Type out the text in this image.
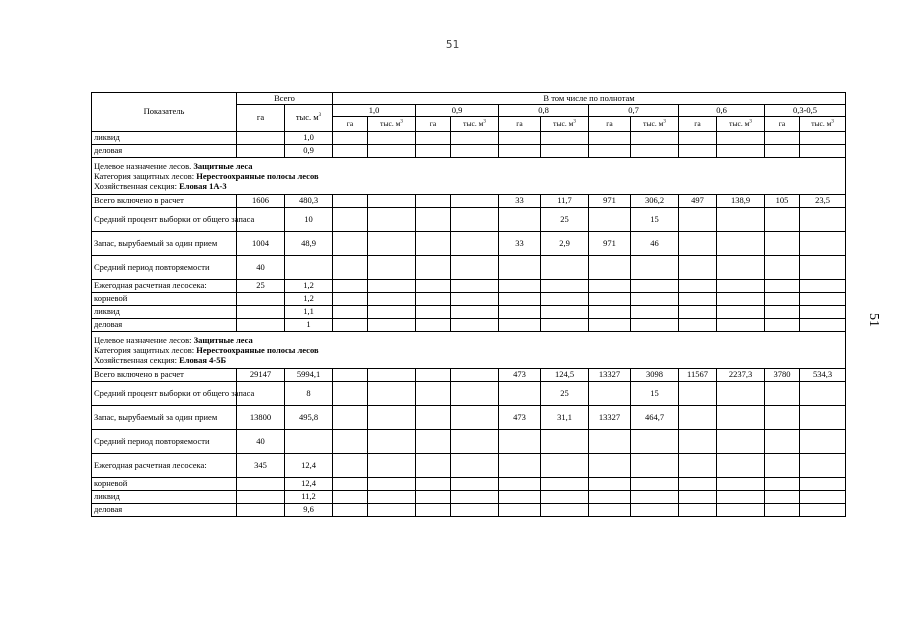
51
51
Показатель	Всего		В том числе по полнотам											
	га	тыс. $м^3$	1,0		0,9		0,8		0,7		0,6		0,3-0,5	
			га	тыс. $м^3$	га	тыс. $м^3$	га	тыс. $м^3$	га	тыс. $м^3$	га	тыс. $м^3$	га	тыс. $м^3$
ликвид		1,0												
деловая		0,9												

Целевое назначение лесов. Защитные леса
Категория защитных лесов: Нерестоохранные полосы лесов
Хозяйственная секция: Еловая 1А-3														

Всего включено в расчет	1606	480,3					33	11,7	971	306,2	497	138,9	105	23,5
Средний процент выборки от общего запаса		10						25		15				
Запас, вырубаемый за один прием	1004	48,9					33	2,9	971	46				
Средний период повторяемости	40													
Ежегодная расчетная лесосека:	25	1,2												
корневой		1,2												
ликвид		1,1												
деловая		1												

Целевое назначение лесов: Защитные леса
Категория защитных лесов: Нерестоохранные полосы лесов
Хозяйственная секция: Еловая 4-5Б														

Всего включено в расчет	29147	5994,1					473	124,5	13327	3098	11567	2237,3	3780	534,3
Средний процент выборки от общего запаса		8						25		15				
Запас, вырубаемый за один прием	13800	495,8					473	31,1	13327	464,7				
Средний период повторяемости	40													
Ежегодная расчетная лесосека:	345	12,4												
корневой		12,4												
ликвид		11,2												
деловая		9,6												
